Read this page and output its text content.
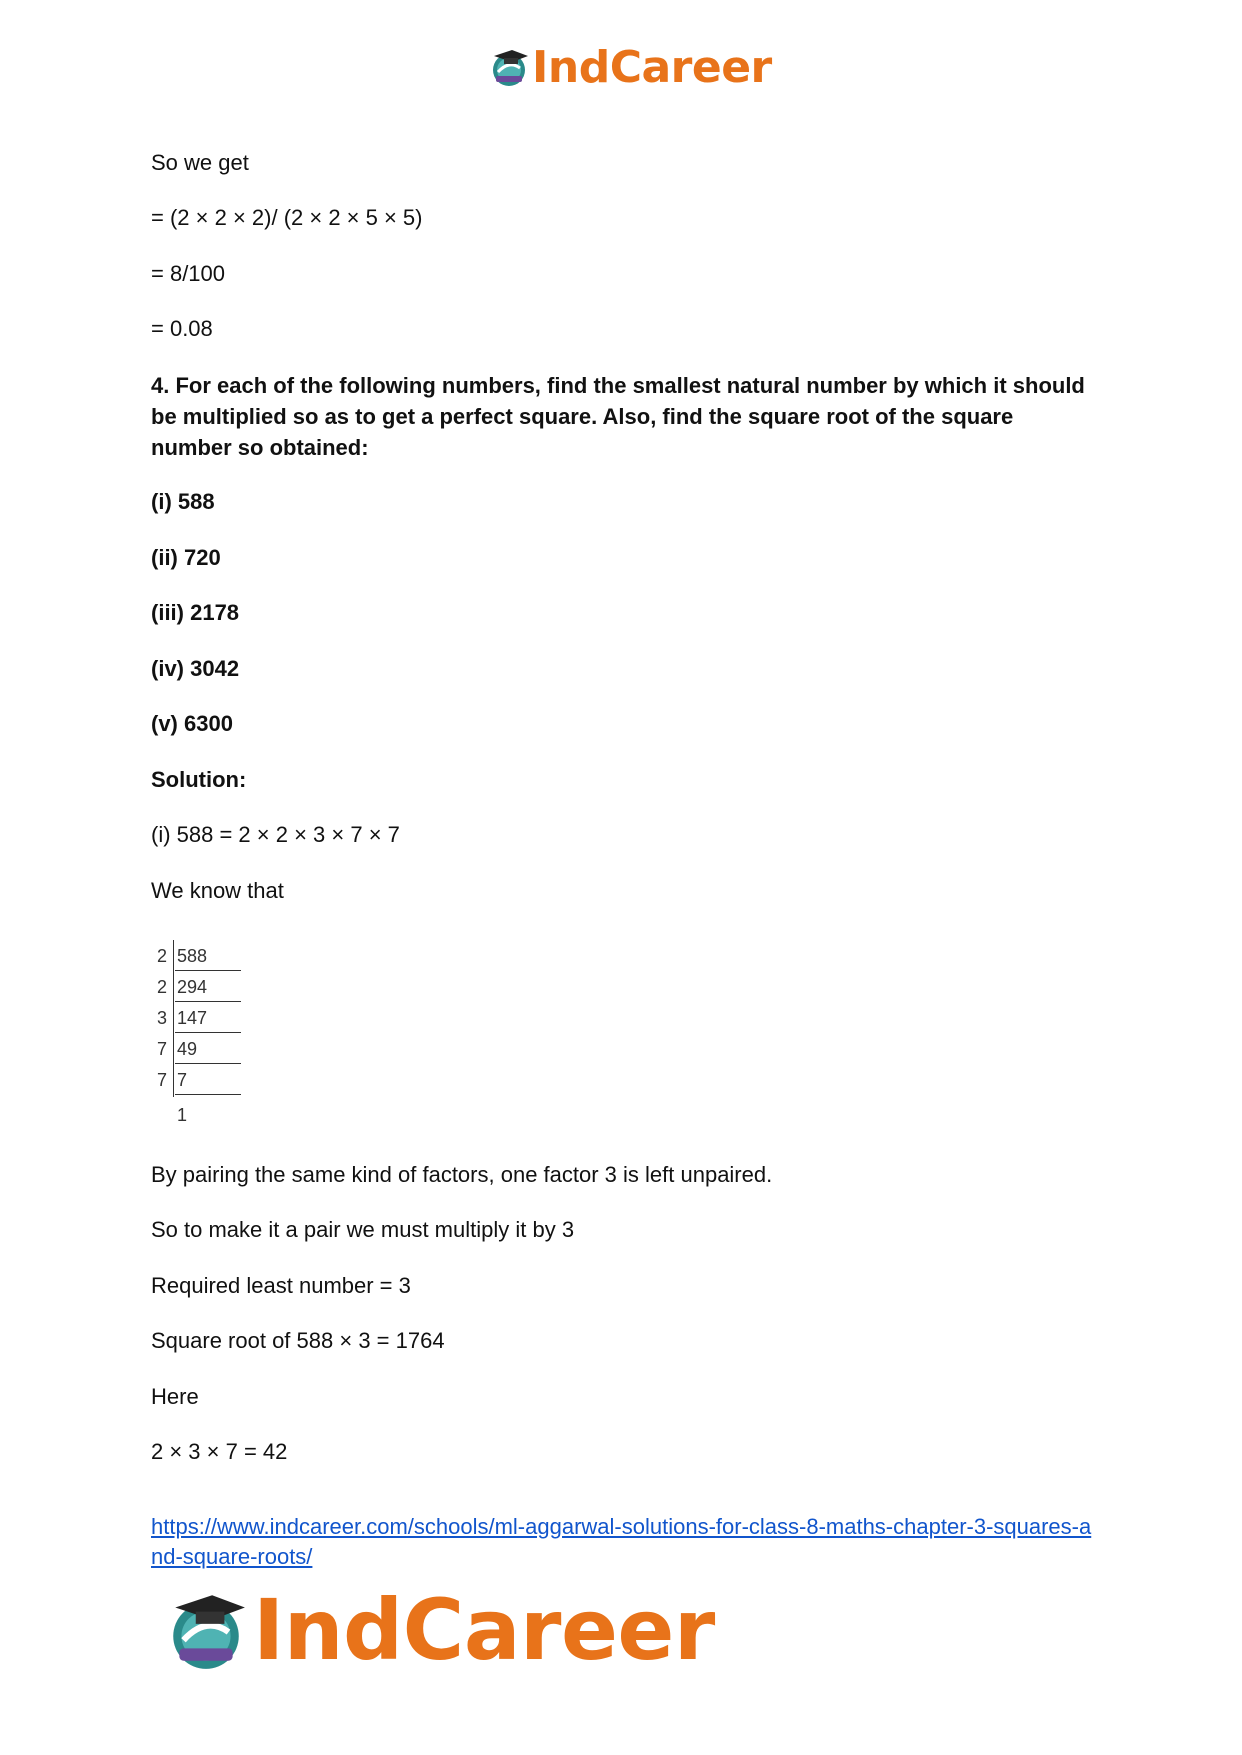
IndCareer
So we get
= (2 × 2 × 2)/ (2 × 2 × 5 × 5)
= 8/100
= 0.08
4. For each of the following numbers, find the smallest natural number by which it should be multiplied so as to get a perfect square. Also, find the square root of the square number so obtained:
(i) 588
(ii) 720
(iii) 2178
(iv) 3042
(v) 6300
Solution:
(i) 588 = 2 × 2 × 3 × 7 × 7
We know that
By pairing the same kind of factors, one factor 3 is left unpaired.
So to make it a pair we must multiply it by 3
Required least number = 3
Square root of 588 × 3 = 1764
Here
2 × 3 × 7 = 42
2 588
2 294
3 147
7 49
7 7
1
https://www.indcareer.com/schools/ml-aggarwal-solutions-for-class-8-maths-chapter-3-squares-and-square-roots/
IndCareer
